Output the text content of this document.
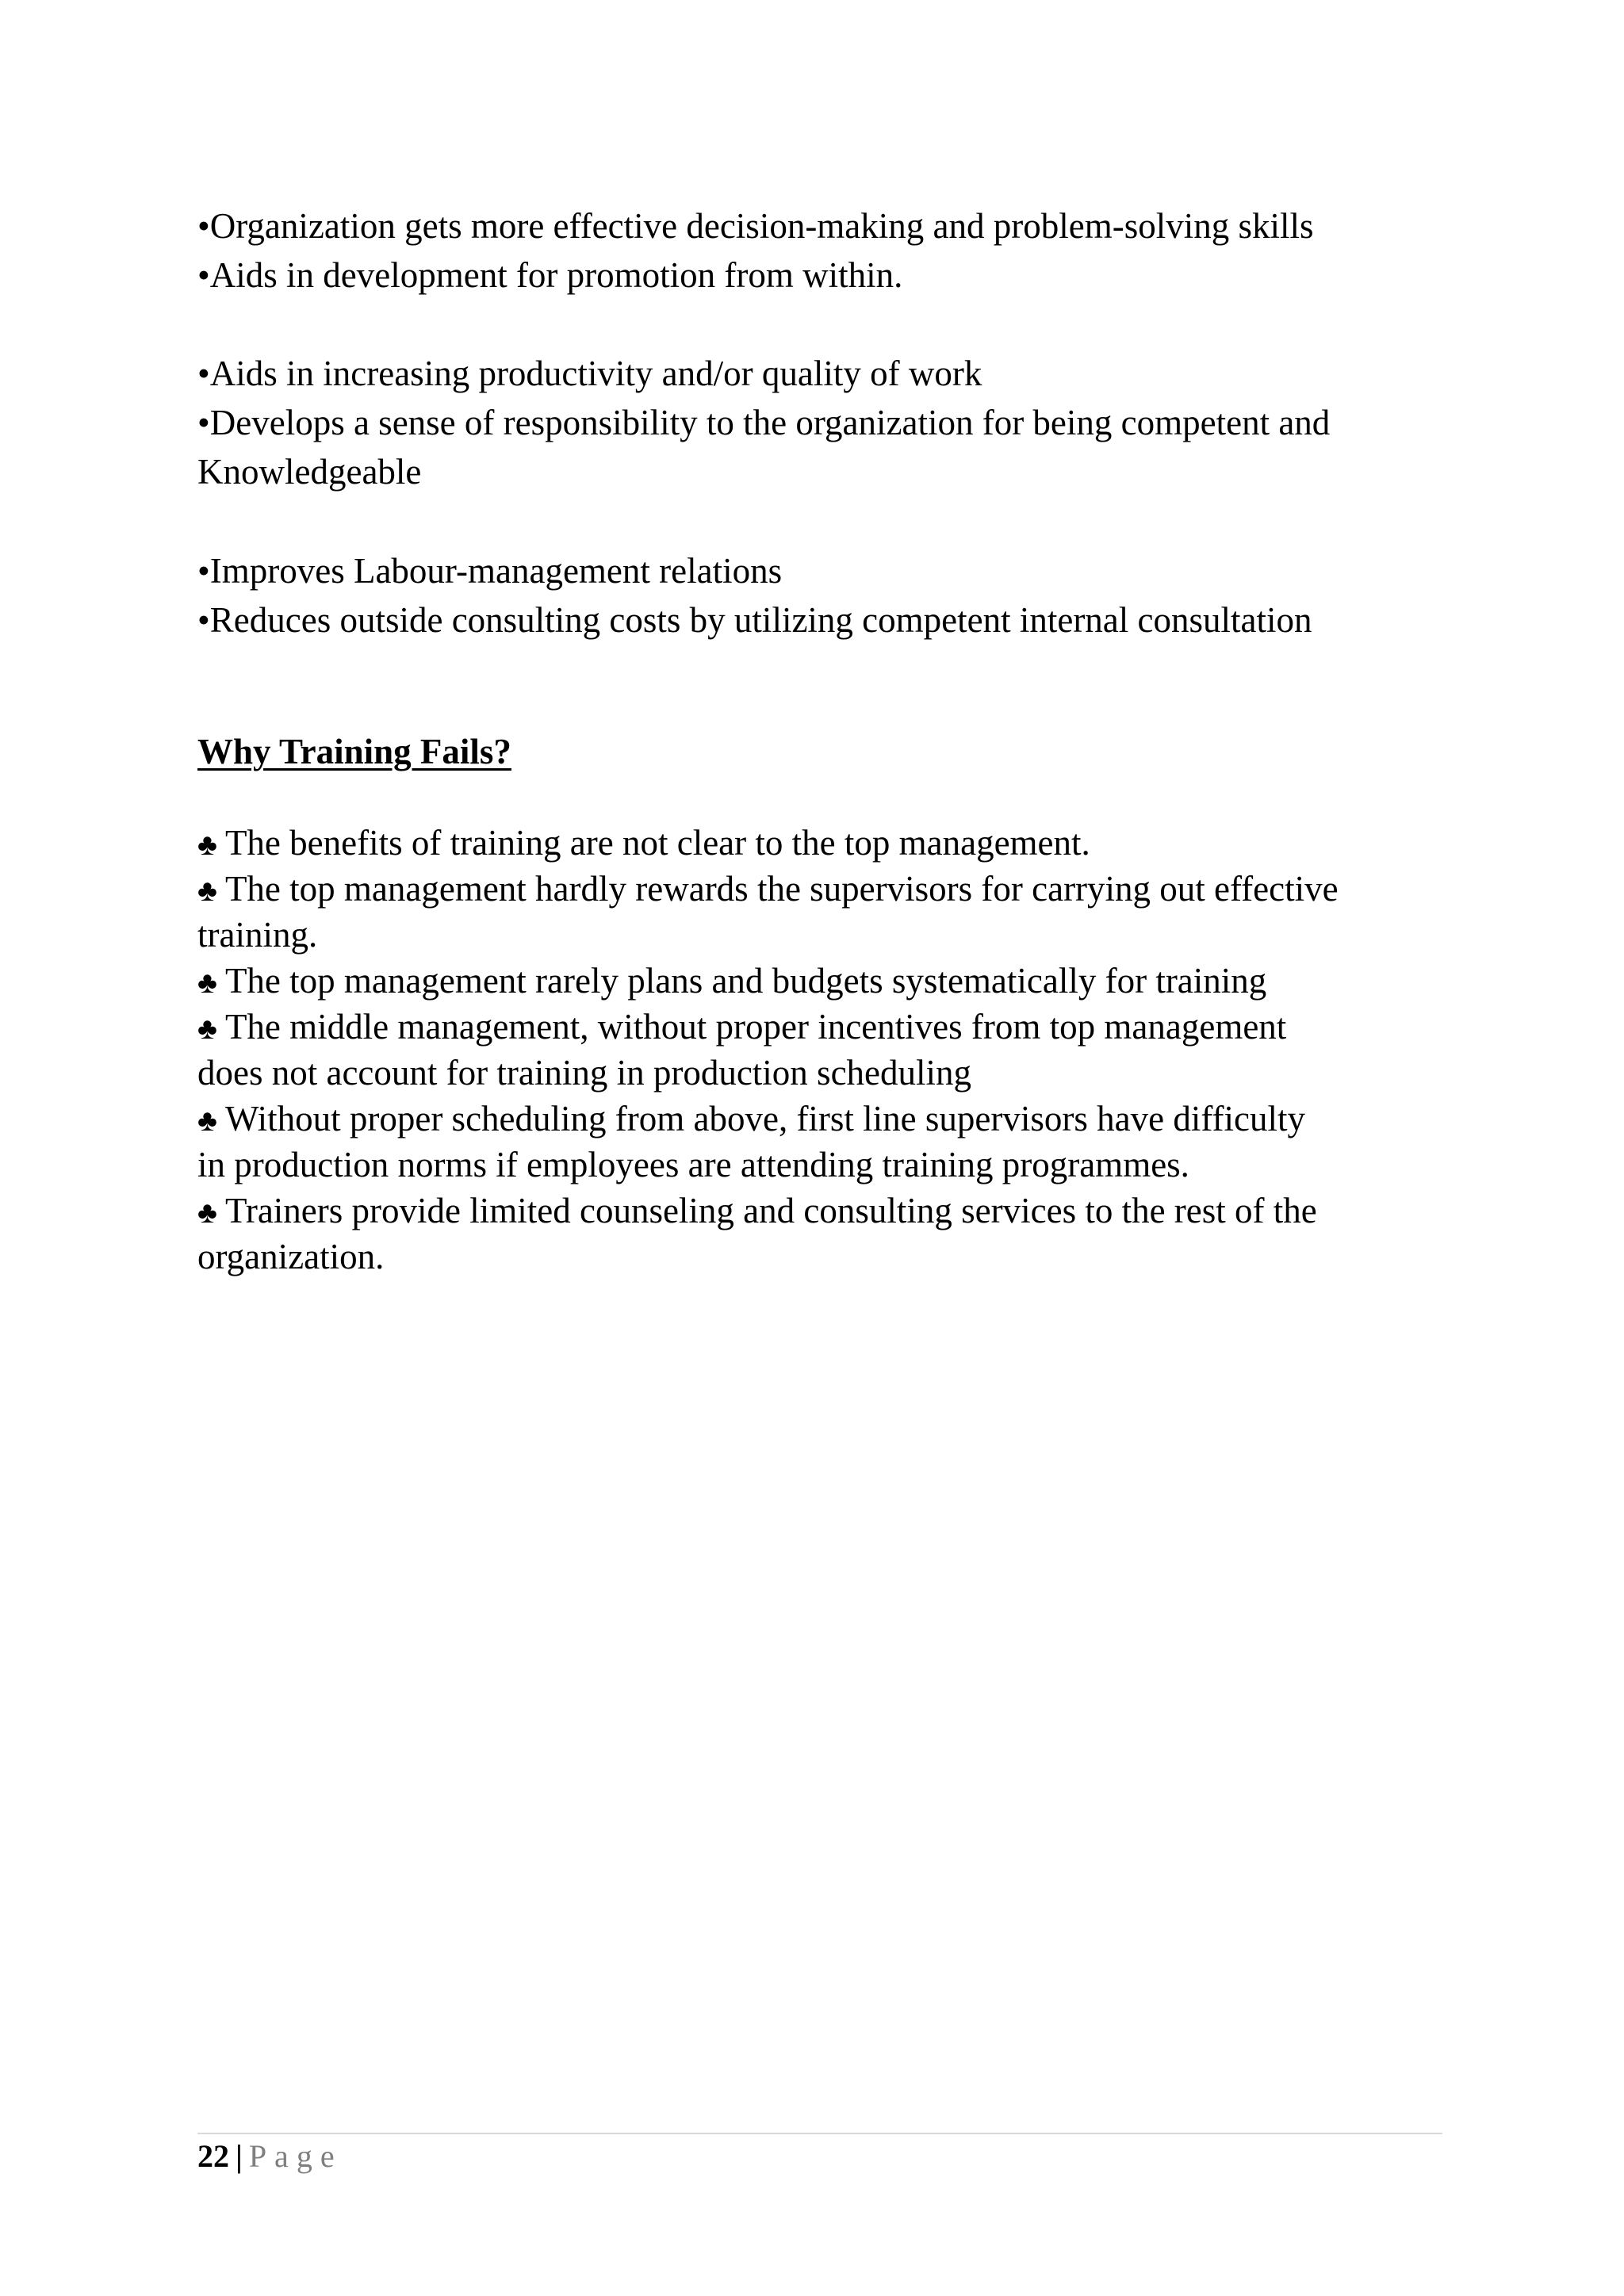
•Organization gets more effective decision-making and problem-solving skills
•Aids in development for promotion from within.
•Aids in increasing productivity and/or quality of work
•Develops a sense of responsibility to the organization for being competent and
Knowledgeable
•Improves Labour-management relations
•Reduces outside consulting costs by utilizing competent internal consultation
Why Training Fails?
♣ The benefits of training are not clear to the top management.
♣ The top management hardly rewards the supervisors for carrying out effective
training.
♣ The top management rarely plans and budgets systematically for training
♣ The middle management, without proper incentives from top management
does not account for training in production scheduling
♣ Without proper scheduling from above, first line supervisors have difficulty
in production norms if employees are attending training programmes.
♣ Trainers provide limited counseling and consulting services to the rest of the
organization.
22 | Page
